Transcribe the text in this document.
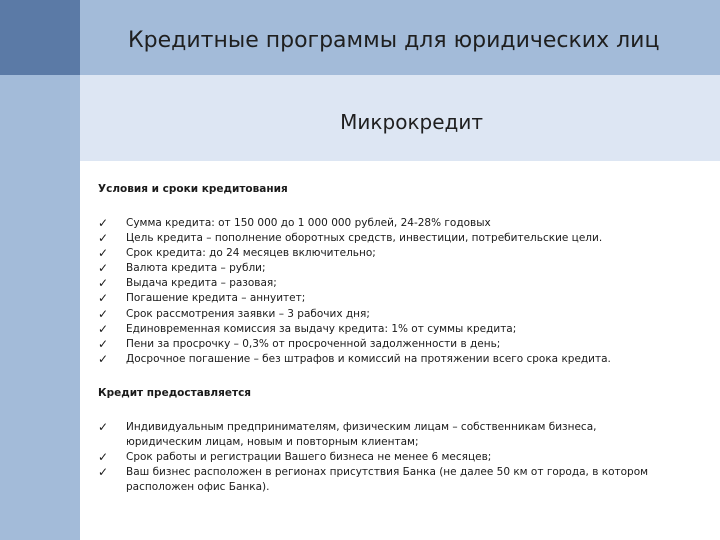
Кредитные программы для юридических лиц
Микрокредит

Условия и сроки кредитования

✓ Сумма кредита: от 150 000 до 1 000 000 рублей, 24-28% годовых
✓ Цель кредита – пополнение оборотных средств, инвестиции, потребительские цели.
✓ Срок кредита: до 24 месяцев включительно;
✓ Валюта кредита – рубли;
✓ Выдача кредита – разовая;
✓ Погашение кредита – аннуитет;
✓ Срок рассмотрения заявки – 3 рабочих дня;
✓ Единовременная комиссия за выдачу кредита: 1% от суммы кредита;
✓ Пени за просрочку – 0,3% от просроченной задолженности в день;
✓ Досрочное погашение – без штрафов и комиссий на протяжении всего срока кредита.

Кредит предоставляется

✓ Индивидуальным предпринимателям, физическим лицам – собственникам бизнеса, юридическим лицам, новым и повторным клиентам;
✓ Срок работы и регистрации Вашего бизнеса не менее 6 месяцев;
✓ Ваш бизнес расположен в регионах присутствия Банка (не далее 50 км от города, в котором расположен офис Банка).
